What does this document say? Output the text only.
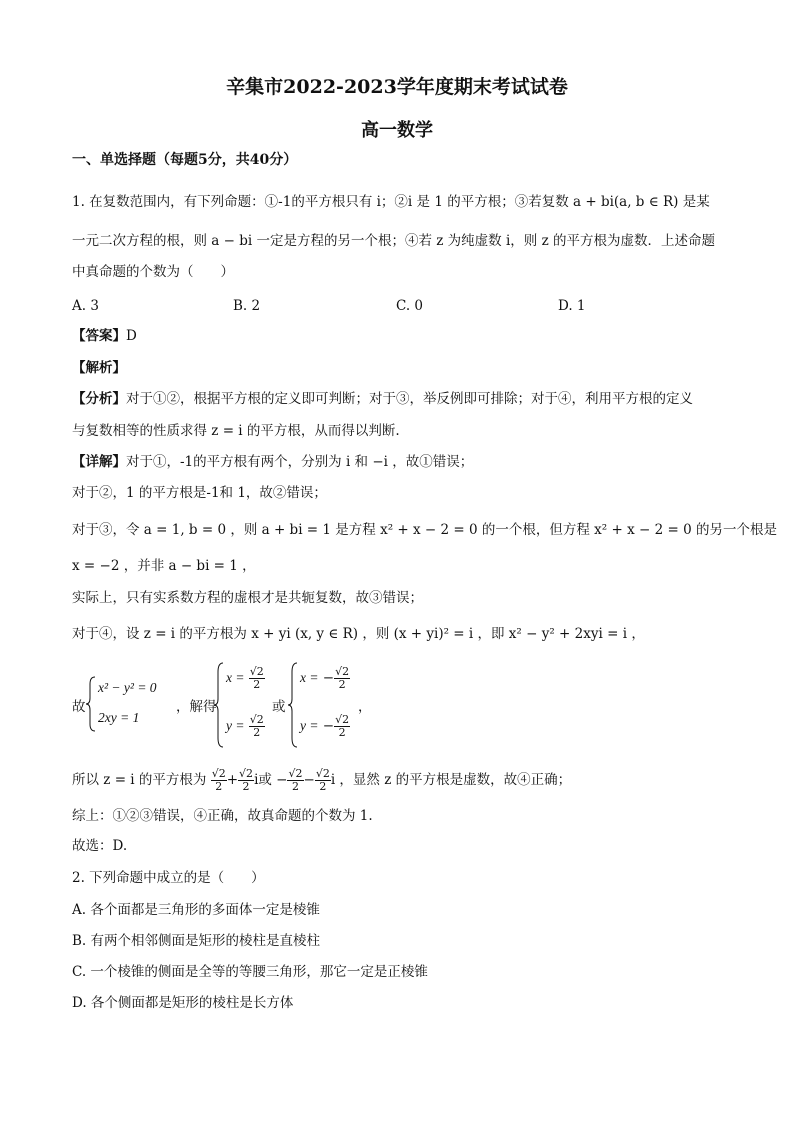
辛集市2022-2023学年度期末考试试卷
高一数学
一、单选择题（每题5分，共40分）
1. 在复数范围内，有下列命题：①-1的平方根只有 i；②i 是 1 的平方根；③若复数 a + bi(a, b ∈ R) 是某
一元二次方程的根，则 a − bi 一定是方程的另一个根；④若 z 为纯虚数 i，则 z 的平方根为虚数．上述命题
中真命题的个数为（　　）
A. 3	B. 2	C. 0	D. 1
【答案】D
【解析】
【分析】对于①②，根据平方根的定义即可判断；对于③，举反例即可排除；对于④，利用平方根的定义
与复数相等的性质求得 z = i 的平方根，从而得以判断.
【详解】对于①，-1的平方根有两个，分别为 i 和 −i ，故①错误；
对于②，1 的平方根是-1和 1，故②错误；
对于③，令 a = 1, b = 0 ，则 a + bi = 1 是方程 x² + x − 2 = 0 的一个根，但方程 x² + x − 2 = 0 的另一个根是
x = −2 ，并非 a − bi = 1 ，
实际上，只有实系数方程的虚根才是共轭复数，故③错误；
对于④，设 z = i 的平方根为 x + yi (x, y ∈ R) ，则 (x + yi)² = i ，即 x² − y² + 2xyi = i ，
故
x² − y² = 0
2xy = 1
，解得
$x = \frac{√2}{2}$
$y = \frac{√2}{2}$
或
x = − $\frac{√2}{2}$
y = − $\frac{√2}{2}$
，
所以 z = i 的平方根为 $\frac{√2}{2} + \frac{√2}{2}$ i或 − $\frac{√2}{2} - \frac{√2}{2}$ i ，显然 z 的平方根是虚数，故④正确；
综上：①②③错误，④正确，故真命题的个数为 1.
故选：D.
2. 下列命题中成立的是（　　）
A. 各个面都是三角形的多面体一定是棱锥
B. 有两个相邻侧面是矩形的棱柱是直棱柱
C. 一个棱锥的侧面是全等的等腰三角形，那它一定是正棱锥
D. 各个侧面都是矩形的棱柱是长方体
